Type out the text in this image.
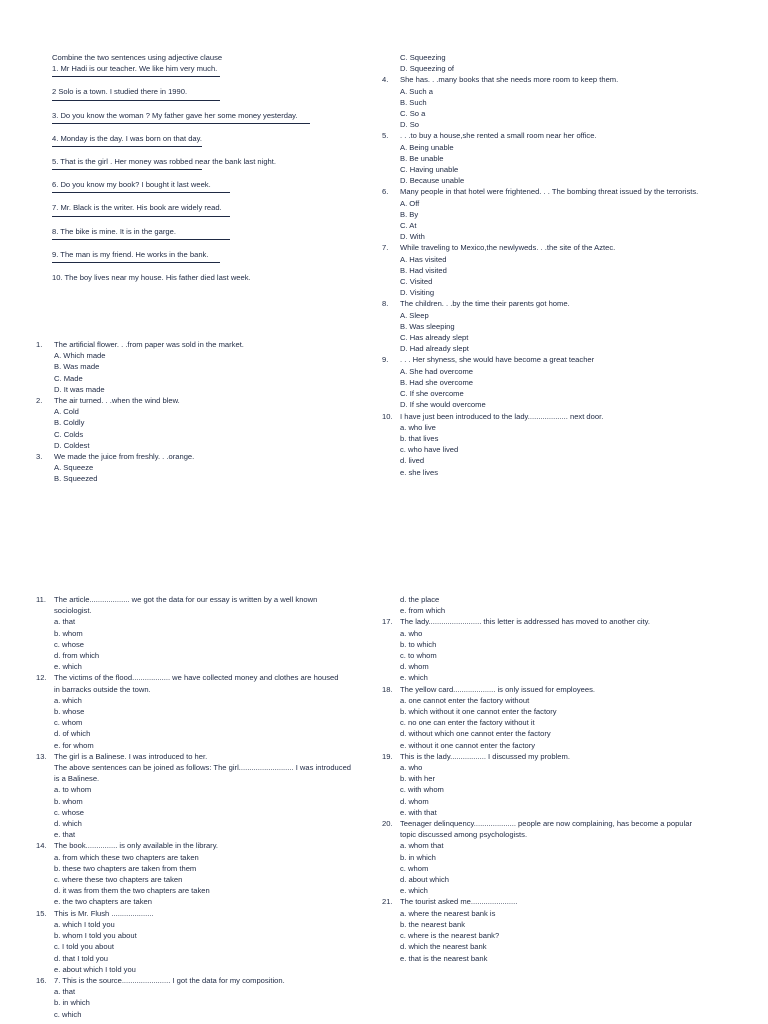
Combine the two sentences using adjective clause
1. Mr Hadi is our teacher. We like him very much.
2 Solo is a town. I studied there in 1990.
3. Do you know the woman ? My father gave her some money yesterday.
4. Monday is the day. I was born on that day.
5. That is the girl . Her money was robbed near the bank last night.
6. Do you know my book? I bought it last week.
7. Mr. Black is the writer. His book are widely read.
8. The bike is mine. It is in the garge.
9. The man is my friend. He works in the bank.
10. The boy lives near my house. His father died last week.
1.	The artificial flower. . .from paper was sold in the market.
A. Which made
B. Was made
C. Made
D. It was made
2.	The air turned. . .when the wind blew.
A. Cold
B. Coldly
C. Colds
D. Coldest
3.	We made the juice from freshly. . .orange.
A. Squeeze
B. Squeezed
C. Squeezing
D. Squeezing of
4.	She has. . .many books that she needs more room to keep them.
A. Such a
B. Such
C. So a
D. So
5.	. . .to buy a house,she rented a small room near her office.
A. Being unable
B. Be unable
C. Having unable
D. Because unable
6.	Many people in that hotel were frightened. . . The bombing threat issued by the terrorists.
A. Off
B. By
C. At
D. With
7.	While traveling to Mexico,the newlyweds. . .the site of the Aztec.
A. Has visited
B. Had visited
C. Visited
D. Visiting
8.	The children. . .by the time their parents got home.
A. Sleep
B. Was sleeping
C. Has already slept
D. Had already slept
9.	. . . Her shyness, she would have become a great teacher
A. She had overcome
B. Had she overcome
C. If she overcome
D. If she would overcome
10. I have just been introduced to the lady................... next door.
a. who live
b. that lives
c. who have lived
d. lived
e. she lives
11.	The article................... we got the data for our essay is written by a well known
sociologist.
a. that
b. whom
c. whose
d. from which
e. which
12. The victims of the flood.................. we have collected money and clothes are housed
in barracks outside the town.
a. which
b. whose
c. whom
d. of which
e. for whom
13. The girl is a Balinese. I was introduced to her.
The above sentences can be joined as follows: The girl.......................... I was introduced
is a Balinese.
a. to whom
b. whom
c. whose
d. which
e. that
14. The book............... is only available in the library.
a. from which these two chapters are taken
b. these two chapters are taken from them
c. where these two chapters are taken
d. it was from them the two chapters are taken
e. the two chapters are taken
15. This is Mr. Flush ....................
a. which I told you
b. whom I told you about
c. I told you about
d. that I told you
e. about which I told you
16. 7. This is the source....................... I got the data for my composition.
a. that
b. in which
c. which
d. the place
e. from which
17. The lady......................... this letter is addressed has moved to another city.
a. who
b. to which
c. to whom
d. whom
e. which
18. The yellow card.................... is only issued for employees.
a. one cannot enter the factory without
b. which without it one cannot enter the factory
c. no one can enter the factory without it
d. without which one cannot enter the factory
e. without it one cannot enter the factory
19. This is the lady................. I discussed my problem.
a. who
b. with her
c. with whom
d. whom
e. with that
20. Teenager delinquency.................... people are now complaining, has become a popular
topic discussed among psychologists.
a. whom that
b. in which
c. whom
d. about which
e. which
21. The tourist asked me......................
a. where the nearest bank is
b. the nearest bank
c. where is the nearest bank?
d. which the nearest bank
e. that is the nearest bank
